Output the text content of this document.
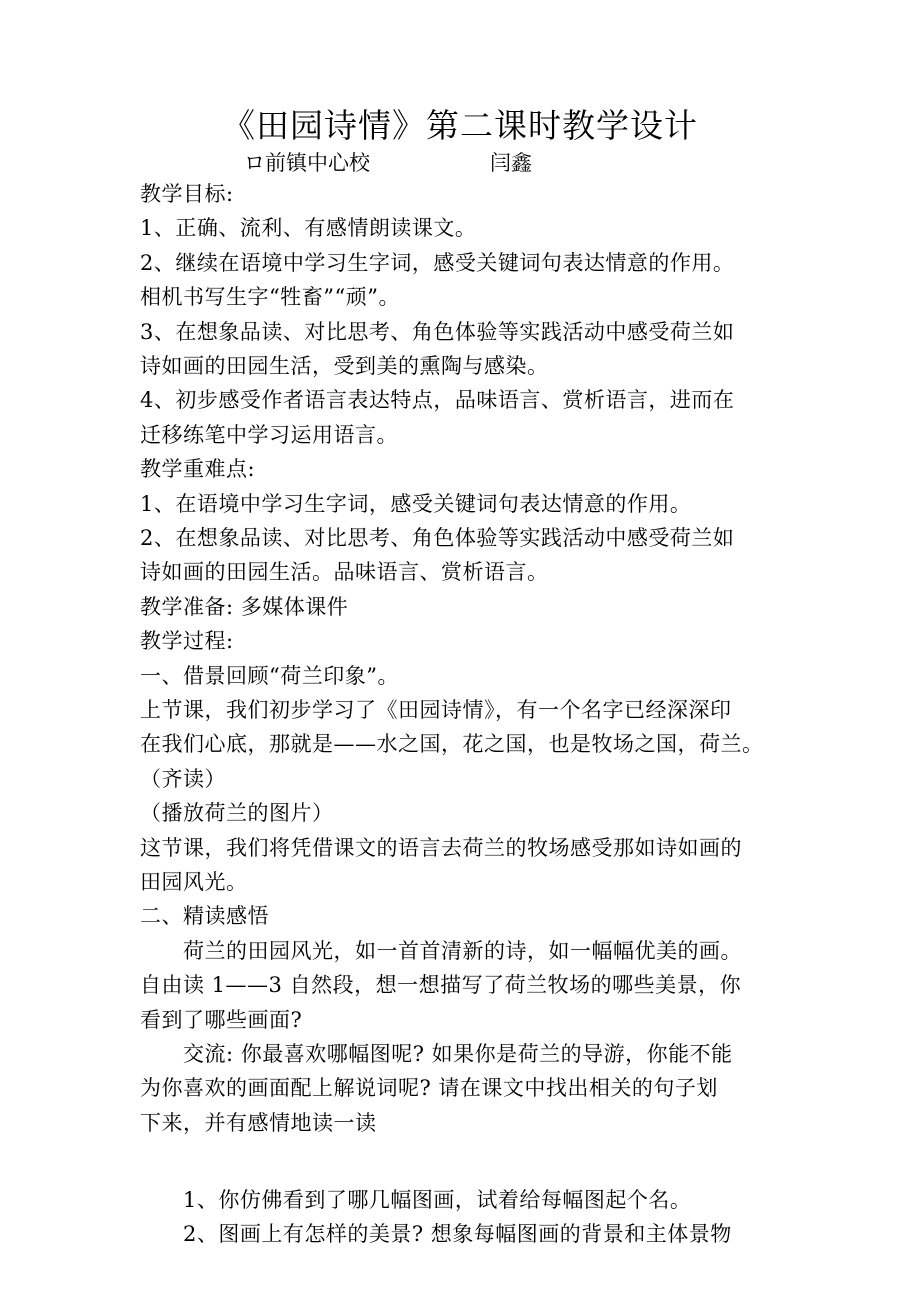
《田园诗情》第二课时教学设计
ロ前镇中心校	闫鑫
教学目标:
1、正确、流利、有感情朗读课文。
2、继续在语境中学习生字词，感受关键词句表达情意的作用。
相机书写生字“牲畜”“顽”。
3、在想象品读、对比思考、角色体验等实践活动中感受荷兰如
诗如画的田园生活，受到美的熏陶与感染。
4、初步感受作者语言表达特点，品味语言、赏析语言，进而在
迁移练笔中学习运用语言。
教学重难点:
1、在语境中学习生字词，感受关键词句表达情意的作用。
2、在想象品读、对比思考、角色体验等实践活动中感受荷兰如
诗如画的田园生活。品味语言、赏析语言。
教学准备: 多媒体课件
教学过程:
一、借景回顾“荷兰印象”。
上节课，我们初步学习了《田园诗情》，有一个名字已经深深印
在我们心底，那就是——水之国，花之国，也是牧场之国，荷兰。
（齐读）
（播放荷兰的图片）
这节课，我们将凭借课文的语言去荷兰的牧场感受那如诗如画的
田园风光。
二、精读感悟
　　荷兰的田园风光，如一首首清新的诗，如一幅幅优美的画。
自由读 1——3 自然段，想一想描写了荷兰牧场的哪些美景，你
看到了哪些画面?
　　交流: 你最喜欢哪幅图呢? 如果你是荷兰的导游，你能不能
为你喜欢的画面配上解说词呢? 请在课文中找出相关的句子划
下来，并有感情地读一读
　　1、你仿佛看到了哪几幅图画，试着给每幅图起个名。
　　2、图画上有怎样的美景? 想象每幅图画的背景和主体景物
